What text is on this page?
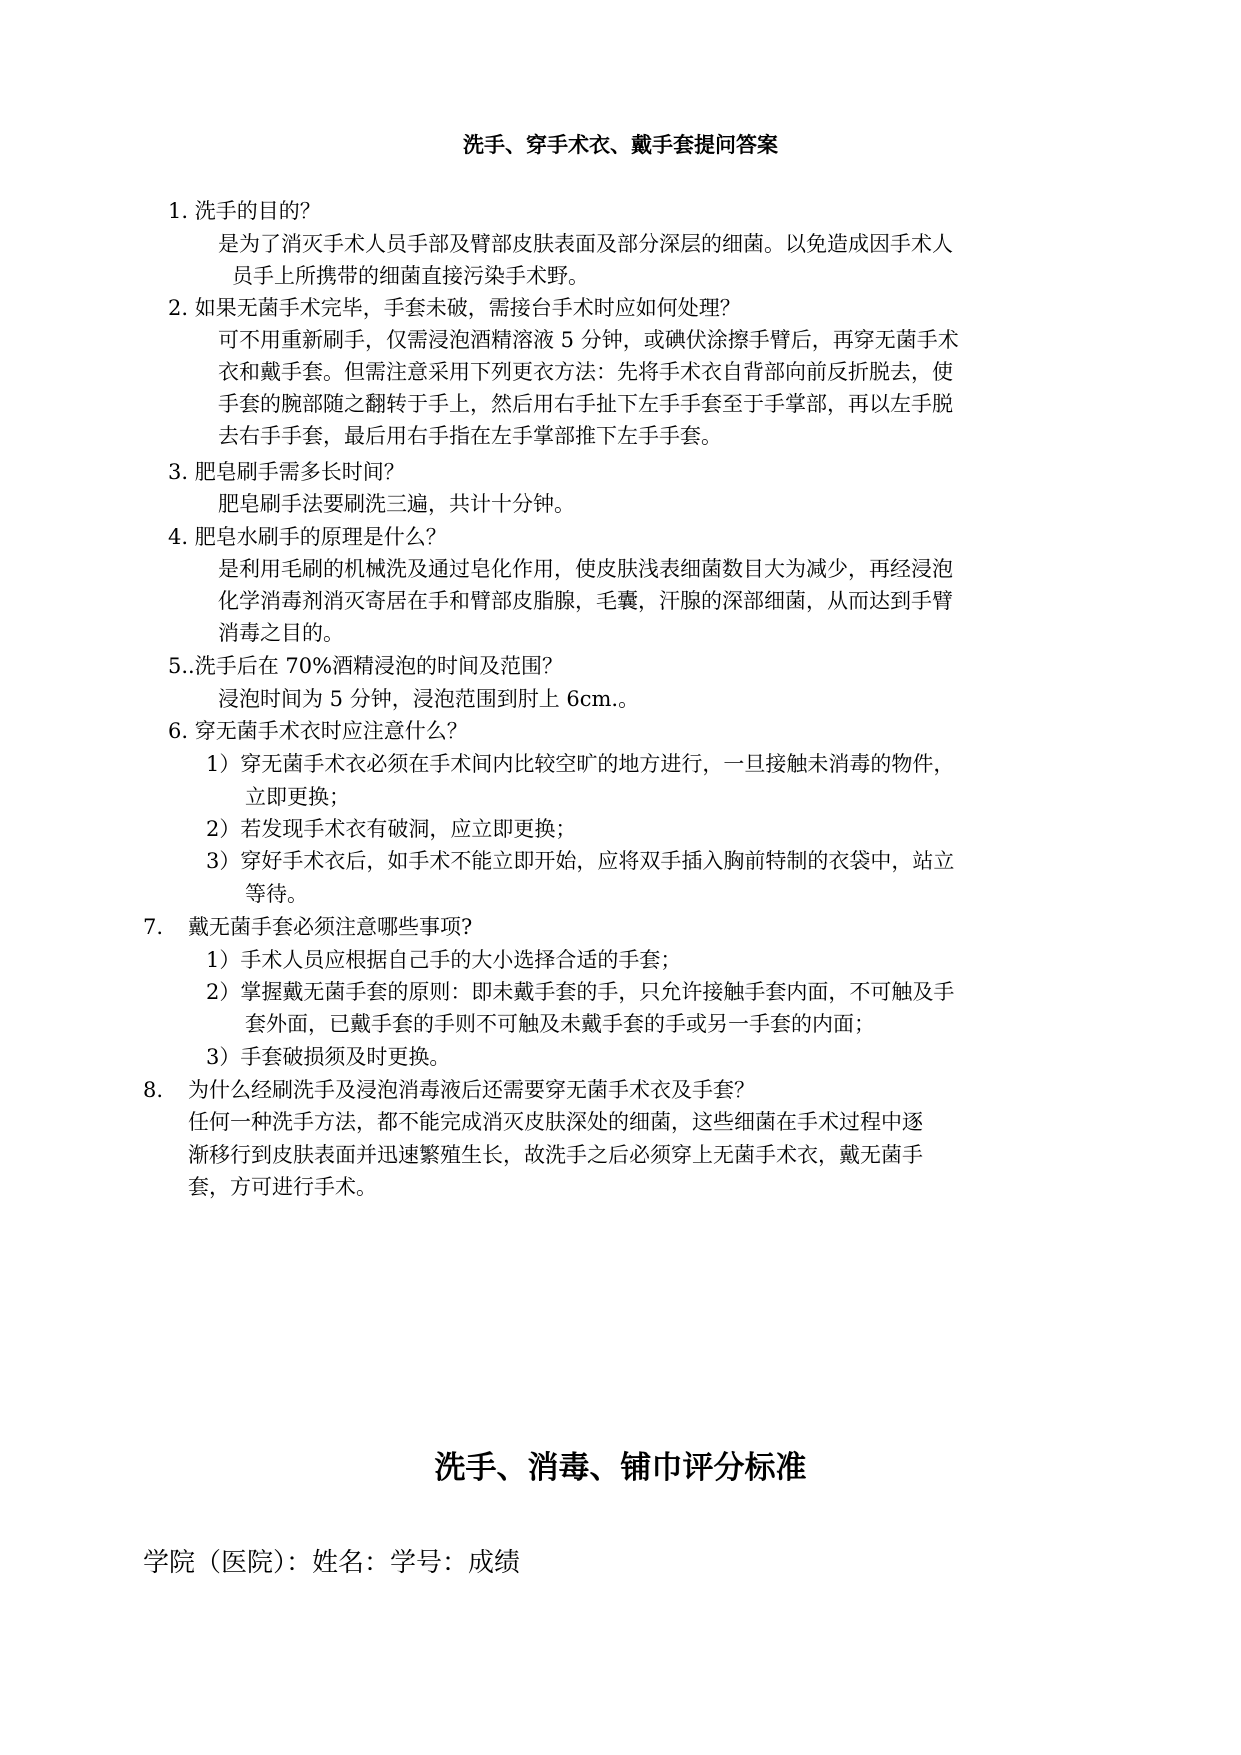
洗手、穿手术衣、戴手套提问答案
1. 洗手的目的？
是为了消灭手术人员手部及臂部皮肤表面及部分深层的细菌。以免造成因手术人
员手上所携带的细菌直接污染手术野。
2. 如果无菌手术完毕，手套未破，需接台手术时应如何处理？
可不用重新刷手，仅需浸泡酒精溶液 5 分钟，或碘伏涂擦手臂后，再穿无菌手术
衣和戴手套。但需注意采用下列更衣方法：先将手术衣自背部向前反折脱去，使
手套的腕部随之翻转于手上，然后用右手扯下左手手套至于手掌部，再以左手脱
去右手手套，最后用右手指在左手掌部推下左手手套。
3. 肥皂刷手需多长时间？
肥皂刷手法要刷洗三遍，共计十分钟。
4. 肥皂水刷手的原理是什么？
是利用毛刷的机械洗及通过皂化作用，使皮肤浅表细菌数目大为减少，再经浸泡
化学消毒剂消灭寄居在手和臂部皮脂腺，毛囊，汗腺的深部细菌，从而达到手臂
消毒之目的。
5..洗手后在 70%酒精浸泡的时间及范围？
浸泡时间为 5 分钟，浸泡范围到肘上 6cm.。
6. 穿无菌手术衣时应注意什么？
1）穿无菌手术衣必须在手术间内比较空旷的地方进行，一旦接触未消毒的物件，
立即更换；
2）若发现手术衣有破洞，应立即更换；
3）穿好手术衣后，如手术不能立即开始，应将双手插入胸前特制的衣袋中，站立
等待。
7. 戴无菌手套必须注意哪些事项?
1）手术人员应根据自己手的大小选择合适的手套；
2）掌握戴无菌手套的原则：即未戴手套的手，只允许接触手套内面，不可触及手
套外面，已戴手套的手则不可触及未戴手套的手或另一手套的内面；
3）手套破损须及时更换。
8. 为什么经刷洗手及浸泡消毒液后还需要穿无菌手术衣及手套？
任何一种洗手方法，都不能完成消灭皮肤深处的细菌，这些细菌在手术过程中逐
渐移行到皮肤表面并迅速繁殖生长，故洗手之后必须穿上无菌手术衣，戴无菌手
套，方可进行手术。
洗手、消毒、铺巾评分标准
学院（医院）：姓名：学号：成绩
